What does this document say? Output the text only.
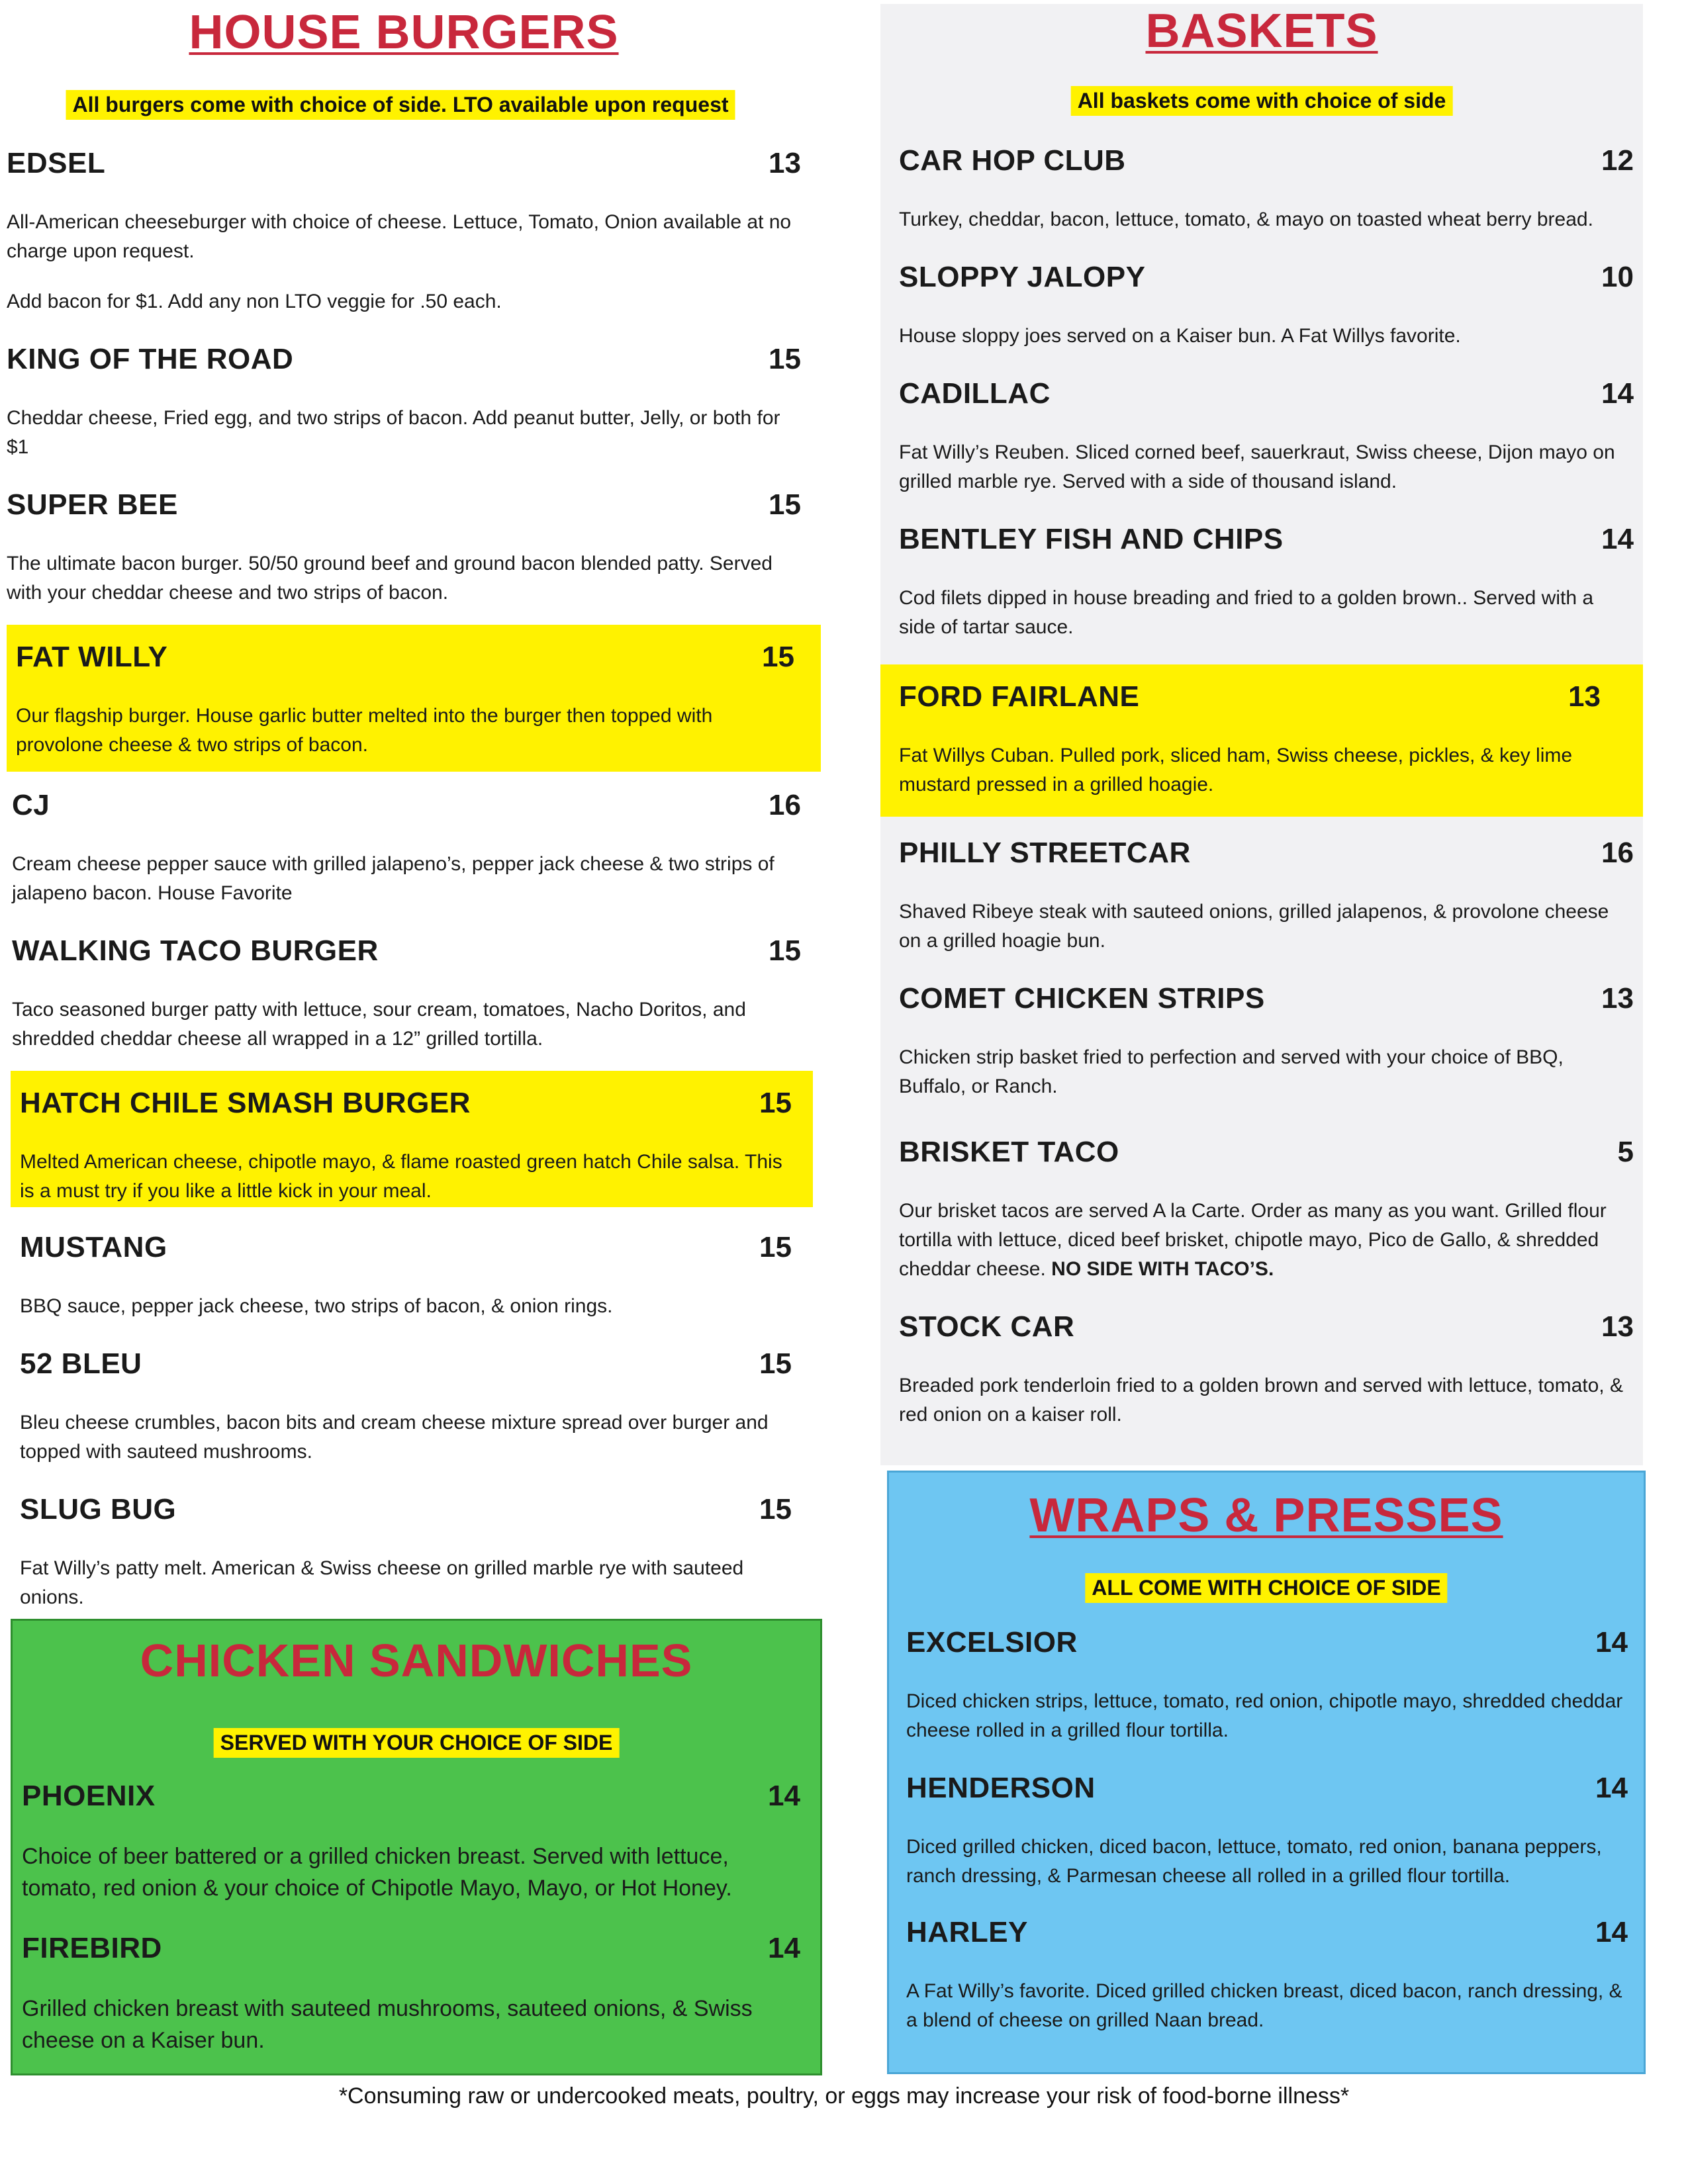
HOUSE BURGERS
All burgers come with choice of side. LTO available upon request
EDSEL	13
All-American cheeseburger with choice of cheese. Lettuce, Tomato, Onion available at no charge upon request.
Add bacon for $1. Add any non LTO veggie for .50 each.
KING OF THE ROAD	15
Cheddar cheese, Fried egg, and two strips of bacon. Add peanut butter, Jelly, or both for $1
SUPER BEE	15
The ultimate bacon burger. 50/50 ground beef and ground bacon blended patty. Served with your cheddar cheese and two strips of bacon.
FAT WILLY	15
Our flagship burger. House garlic butter melted into the burger then topped with provolone cheese & two strips of bacon.
CJ	16
Cream cheese pepper sauce with grilled jalapeno’s, pepper jack cheese & two strips of jalapeno bacon. House Favorite
WALKING TACO BURGER	15
Taco seasoned burger patty with lettuce, sour cream, tomatoes, Nacho Doritos, and shredded cheddar cheese all wrapped in a 12” grilled tortilla.
HATCH CHILE SMASH BURGER	15
Melted American cheese, chipotle mayo, & flame roasted green hatch Chile salsa. This is a must try if you like a little kick in your meal.
MUSTANG	15
BBQ sauce, pepper jack cheese, two strips of bacon, & onion rings.
52 BLEU	15
Bleu cheese crumbles, bacon bits and cream cheese mixture spread over burger and topped with sauteed mushrooms.
SLUG BUG	15
Fat Willy’s patty melt. American & Swiss cheese on grilled marble rye with sauteed onions.
CHICKEN SANDWICHES
SERVED WITH YOUR CHOICE OF SIDE
PHOENIX	14
Choice of beer battered or a grilled chicken breast. Served with lettuce, tomato, red onion & your choice of Chipotle Mayo, Mayo, or Hot Honey.
FIREBIRD	14
Grilled chicken breast with sauteed mushrooms, sauteed onions, & Swiss cheese on a Kaiser bun.
BASKETS
All baskets come with choice of side
CAR HOP CLUB	12
Turkey, cheddar, bacon, lettuce, tomato, & mayo on toasted wheat berry bread.
SLOPPY JALOPY	10
House sloppy joes served on a Kaiser bun. A Fat Willys favorite.
CADILLAC	14
Fat Willy’s Reuben. Sliced corned beef, sauerkraut, Swiss cheese, Dijon mayo on grilled marble rye. Served with a side of thousand island.
BENTLEY FISH AND CHIPS	14
Cod filets dipped in house breading and fried to a golden brown.. Served with a side of tartar sauce.
FORD FAIRLANE	13
Fat Willys Cuban. Pulled pork, sliced ham, Swiss cheese, pickles, & key lime mustard pressed in a grilled hoagie.
PHILLY STREETCAR	16
Shaved Ribeye steak with sauteed onions, grilled jalapenos, & provolone cheese on a grilled hoagie bun.
COMET CHICKEN STRIPS	13
Chicken strip basket fried to perfection and served with your choice of BBQ, Buffalo, or Ranch.
BRISKET TACO	5
Our brisket tacos are served A la Carte. Order as many as you want. Grilled flour tortilla with lettuce, diced beef brisket, chipotle mayo, Pico de Gallo, & shredded cheddar cheese. NO SIDE WITH TACO’S.
STOCK CAR	13
Breaded pork tenderloin fried to a golden brown and served with lettuce, tomato, & red onion on a kaiser roll.
WRAPS & PRESSES
ALL COME WITH CHOICE OF SIDE
EXCELSIOR	14
Diced chicken strips, lettuce, tomato, red onion, chipotle mayo, shredded cheddar cheese rolled in a grilled flour tortilla.
HENDERSON	14
Diced grilled chicken, diced bacon, lettuce, tomato, red onion, banana peppers, ranch dressing, & Parmesan cheese all rolled in a grilled flour tortilla.
HARLEY	14
A Fat Willy’s favorite. Diced grilled chicken breast, diced bacon, ranch dressing, & a blend of cheese on grilled Naan bread.
*Consuming raw or undercooked meats, poultry, or eggs may increase your risk of food-borne illness*
